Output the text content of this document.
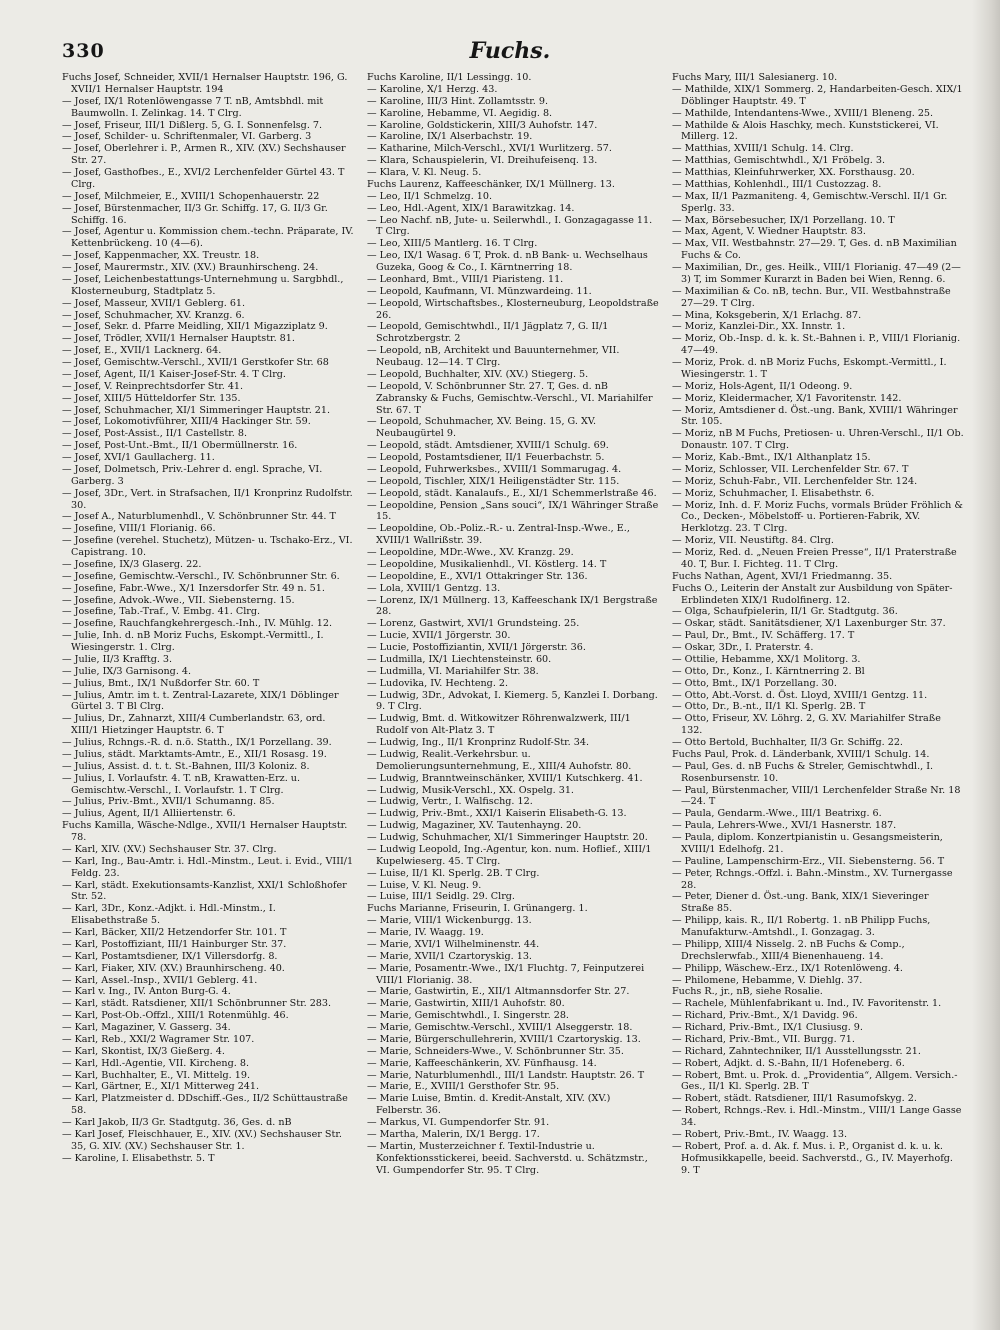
330	Fuchs.
Fuchs Josef, Schneider, XVII/1 Hernalser Hauptstr. 196, G. XVII/1 Hernalser Hauptstr. 194
— Josef, IX/1 Rotenlöwengasse 7 T. nB, Amtsbhdl. mit Baumwolln. I. Zelinkag. 14. T Clrg.
— Josef, Friseur, III/1 Dißlerg. 5, G. I. Sonnenfelsg. 7.
— Josef, Schilder- u. Schriftenmaler, VI. Garberg. 3
— Josef, Oberlehrer i. P., Armen R., XIV. (XV.) Sechshauser Str. 27.
— Josef, Gasthofbes., E., XVI/2 Lerchenfelder Gürtel 43. T Clrg.
— Josef, Milchmeier, E., XVIII/1 Schopenhauerstr. 22
— Josef, Bürstenmacher, II/3 Gr. Schiffg. 17, G. II/3 Gr. Schiffg. 16.
— Josef, Agentur u. Kommission chem.-techn. Präparate, IV. Kettenbrückeng. 10 (4—6).
— Josef, Kappenmacher, XX. Treustr. 18.
— Josef, Maurermstr., XIV. (XV.) Braunhirscheng. 24.
— Josef, Leichenbestattungs-Unternehmung u. Sargbhdl., Klosterneuburg, Stadtplatz 5.
— Josef, Masseur, XVII/1 Geblerg. 61.
— Josef, Schuhmacher, XV. Kranzg. 6.
— Josef, Sekr. d. Pfarre Meidling, XII/1 Migazziplatz 9.
— Josef, Trödler, XVII/1 Hernalser Hauptstr. 81.
— Josef, E., XVII/1 Lacknerg. 64.
— Josef, Gemischtw.-Verschl., XVII/1 Gerstkofer Str. 68
— Josef, Agent, II/1 Kaiser-Josef-Str. 4. T Clrg.
— Josef, V. Reinprechtsdorfer Str. 41.
— Josef, XIII/5 Hütteldorfer Str. 135.
— Josef, Schuhmacher, XI/1 Simmeringer Hauptstr. 21.
— Josef, Lokomotivführer, XIII/4 Hackinger Str. 59.
— Josef, Post-Assist., II/1 Castellstr. 8.
— Josef, Post-Unt.-Bmt., II/1 Obermüllnerstr. 16.
— Josef, XVI/1 Gaullacherg. 11.
— Josef, Dolmetsch, Priv.-Lehrer d. engl. Sprache, VI. Garberg. 3
— Josef, 3Dr., Vert. in Strafsachen, II/1 Kronprinz Rudolfstr. 30.
— Josef A., Naturblumenhdl., V. Schönbrunner Str. 44. T
— Josefine, VIII/1 Florianig. 66.
— Josefine (verehel. Stuchetz), Mützen- u. Tschako-Erz., VI. Capistrang. 10.
— Josefine, IX/3 Glaserg. 22.
— Josefine, Gemischtw.-Verschl., IV. Schönbrunner Str. 6.
— Josefine, Fabr.-Wwe., X/1 Inzersdorfer Str. 49 n. 51.
— Josefine, Advok.-Wwe., VII. Siebensterng. 15.
— Josefine, Tab.-Traf., V. Embg. 41. Clrg.
— Josefine, Rauchfangkehrergesch.-Inh., IV. Mühlg. 12.
— Julie, Inh. d. nB Moriz Fuchs, Eskompt.-Vermittl., I. Wiesingerstr. 1. Clrg.
— Julie, II/3 Krafftg. 3.
— Julie, IX/3 Garnisong. 4.
— Julius, Bmt., IX/1 Nußdorfer Str. 60. T
— Julius, Amtr. im t. t. Zentral-Lazarete, XIX/1 Döblinger Gürtel 3. T Bl Clrg.
— Julius, Dr., Zahnarzt, XIII/4 Cumberlandstr. 63, ord. XIII/1 Hietzinger Hauptstr. 6. T
— Julius, Rchngs.-R. d. n.ö. Statth., IX/1 Porzellang. 39.
— Julius, städt. Marktamts-Amtr., E., XII/1 Rosasg. 19.
— Julius, Assist. d. t. t. St.-Bahnen, III/3 Koloniz. 8.
— Julius, I. Vorlaufstr. 4. T. nB, Krawatten-Erz. u. Gemischtw.-Verschl., I. Vorlaufstr. 1. T Clrg.
— Julius, Priv.-Bmt., XVII/1 Schumanng. 85.
— Julius, Agent, II/1 Alliiertenstr. 6.
Fuchs Kamilla, Wäsche-Ndlge., XVII/1 Hernalser Hauptstr. 78.
— Karl, XIV. (XV.) Sechshauser Str. 37. Clrg.
— Karl, Ing., Bau-Amtr. i. Hdl.-Minstm., Leut. i. Evid., VIII/1 Feldg. 23.
— Karl, städt. Exekutionsamts-Kanzlist, XXI/1 Schloßhofer Str. 52.
— Karl, 3Dr., Konz.-Adjkt. i. Hdl.-Minstm., I. Elisabethstraße 5.
— Karl, Bäcker, XII/2 Hetzendorfer Str. 101. T
— Karl, Postoffiziant, III/1 Hainburger Str. 37.
— Karl, Postamtsdiener, IX/1 Villersdorfg. 8.
— Karl, Fiaker, XIV. (XV.) Braunhirscheng. 40.
— Karl, Assel.-Insp., XVII/1 Geblerg. 41.
— Karl v. Ing., IV. Anton Burg-G. 4.
— Karl, städt. Ratsdiener, XII/1 Schönbrunner Str. 283.
— Karl, Post-Ob.-Offzl., XIII/1 Rotenmühlg. 46.
— Karl, Magaziner, V. Gasserg. 34.
— Karl, Reb., XXI/2 Wagramer Str. 107.
— Karl, Skontist, IX/3 Gießerg. 4.
— Karl, Hdl.-Agentie, VII. Kircheng. 8.
— Karl, Buchhalter, E., VI. Mittelg. 19.
— Karl, Gärtner, E., XI/1 Mitterweg 241.
— Karl, Platzmeister d. DDschiff.-Ges., II/2 Schüttaustraße 58.
— Karl Jakob, II/3 Gr. Stadtgutg. 36, Ges. d. nB
— Karl Josef, Fleischhauer, E., XIV. (XV.) Sechshauser Str. 35, G. XIV. (XV.) Sechshauser Str. 1.
— Karoline, I. Elisabethstr. 5. T
Fuchs Karoline, II/1 Lessingg. 10.
— Karoline, X/1 Herzg. 43.
— Karoline, III/3 Hint. Zollamtsstr. 9.
— Karoline, Hebamme, VI. Aegidig. 8.
— Karoline, Goldstickerin, XIII/3 Auhofstr. 147.
— Karoline, IX/1 Alserbachstr. 19.
— Katharine, Milch-Verschl., XVI/1 Wurlitzerg. 57.
— Klara, Schauspielerin, VI. Dreihufeisenq. 13.
— Klara, V. Kl. Neug. 5.
Fuchs Laurenz, Kaffeeschänker, IX/1 Müllnerg. 13.
— Leo, II/1 Schmelzg. 10.
— Leo, Hdl.-Agent, XIX/1 Barawitzkag. 14.
— Leo Nachf. nB, Jute- u. Seilerwhdl., I. Gonzagagasse 11. T Clrg.
— Leo, XIII/5 Mantlerg. 16. T Clrg.
— Leo, IX/1 Wasag. 6 T, Prok. d. nB Bank- u. Wechselhaus Guzeka, Goog & Co., I. Kärntnerring 18.
— Leonhard, Bmt., VIII/1 Piaristeng. 11.
— Leopold, Kaufmann, VI. Münzwardeing. 11.
— Leopold, Wirtschaftsbes., Klosterneuburg, Leopoldstraße 26.
— Leopold, Gemischtwhdl., II/1 Jägplatz 7, G. II/1 Schrotzbergstr. 2
— Leopold, nB, Architekt und Bauunternehmer, VII. Neubaug. 12—14. T Clrg.
— Leopold, Buchhalter, XIV. (XV.) Stiegerg. 5.
— Leopold, V. Schönbrunner Str. 27. T, Ges. d. nB Zabransky & Fuchs, Gemischtw.-Verschl., VI. Mariahilfer Str. 67. T
— Leopold, Schuhmacher, XV. Being. 15, G. XV. Neubaugürtel 9.
— Leopold, städt. Amtsdiener, XVIII/1 Schulg. 69.
— Leopold, Postamtsdiener, II/1 Feuerbachstr. 5.
— Leopold, Fuhrwerksbes., XVIII/1 Sommarugag. 4.
— Leopold, Tischler, XIX/1 Heiligenstädter Str. 115.
— Leopold, städt. Kanalaufs., E., XI/1 Schemmerlstraße 46.
— Leopoldine, Pension „Sans souci“, IX/1 Währinger Straße 15.
— Leopoldine, Ob.-Poliz.-R.- u. Zentral-Insp.-Wwe., E., XVIII/1 Wallrißstr. 39.
— Leopoldine, MDr.-Wwe., XV. Kranzg. 29.
— Leopoldine, Musikalienhdl., VI. Köstlerg. 14. T
— Leopoldine, E., XVI/1 Ottakringer Str. 136.
— Lola, XVIII/1 Gentzg. 13.
— Lorenz, IX/1 Müllnerg. 13, Kaffeeschank IX/1 Bergstraße 28.
— Lorenz, Gastwirt, XVI/1 Grundsteing. 25.
— Lucie, XVII/1 Jörgerstr. 30.
— Lucie, Postoffiziantin, XVII/1 Jörgerstr. 36.
— Ludmilla, IX/1 Liechtensteinstr. 60.
— Ludmilla, VI. Mariahilfer Str. 38.
— Ludovika, IV. Hechteng. 2.
— Ludwig, 3Dr., Advokat, I. Kiemerg. 5, Kanzlei I. Dorbang. 9. T Clrg.
— Ludwig, Bmt. d. Witkowitzer Röhrenwalzwerk, III/1 Rudolf von Alt-Platz 3. T
— Ludwig, Ing., II/1 Kronprinz Rudolf-Str. 34.
— Ludwig, Realit.-Verkehrsbur. u. Demolierungsunternehmung, E., XIII/4 Auhofstr. 80.
— Ludwig, Branntweinschänker, XVIII/1 Kutschkerg. 41.
— Ludwig, Musik-Verschl., XX. Ospelg. 31.
— Ludwig, Vertr., I. Walfischg. 12.
— Ludwig, Priv.-Bmt., XXI/1 Kaiserin Elisabeth-G. 13.
— Ludwig, Magaziner, XV. Tautenhayng. 20.
— Ludwig, Schuhmacher, XI/1 Simmeringer Hauptstr. 20.
— Ludwig Leopold, Ing.-Agentur, kon. num. Hoflief., XIII/1 Kupelwieserg. 45. T Clrg.
— Luise, II/1 Kl. Sperlg. 2B. T Clrg.
— Luise, V. Kl. Neug. 9.
— Luise, III/1 Seidlg. 29. Clrg.
Fuchs Marianne, Friseurin, I. Grünangerg. 1.
— Marie, VIII/1 Wickenburgg. 13.
— Marie, IV. Waagg. 19.
— Marie, XVI/1 Wilhelminenstr. 44.
— Marie, XVII/1 Czartoryskig. 13.
— Marie, Posamentr.-Wwe., IX/1 Fluchtg. 7, Feinputzerei VIII/1 Florianig. 38.
— Marie, Gastwirtin, E., XII/1 Altmannsdorfer Str. 27.
— Marie, Gastwirtin, XIII/1 Auhofstr. 80.
— Marie, Gemischtwhdl., I. Singerstr. 28.
— Marie, Gemischtw.-Verschl., XVIII/1 Alseggerstr. 18.
— Marie, Bürgerschullehrerin, XVIII/1 Czartoryskig. 13.
— Marie, Schneiders-Wwe., V. Schönbrunner Str. 35.
— Marie, Kaffeeschänkerin, XV. Fünfhausg. 14.
— Marie, Naturblumenhdl., III/1 Landstr. Hauptstr. 26. T
— Marie, E., XVIII/1 Gersthofer Str. 95.
— Marie Luise, Bmtin. d. Kredit-Anstalt, XIV. (XV.) Felberstr. 36.
— Markus, VI. Gumpendorfer Str. 91.
— Martha, Malerin, IX/1 Bergg. 17.
— Martin, Musterzeichner f. Textil-Industrie u. Konfektionsstickerei, beeid. Sachverstd. u. Schätzmstr., VI. Gumpendorfer Str. 95. T Clrg.
Fuchs Mary, III/1 Salesianerg. 10.
— Mathilde, XIX/1 Sommerg. 2, Handarbeiten-Gesch. XIX/1 Döblinger Hauptstr. 49. T
— Mathilde, Intendantens-Wwe., XVIII/1 Bleneng. 25.
— Mathilde & Alois Haschky, mech. Kunststickerei, VI. Millerg. 12.
— Matthias, XVIII/1 Schulg. 14. Clrg.
— Matthias, Gemischtwhdl., X/1 Fröbelg. 3.
— Matthias, Kleinfuhrwerker, XX. Forsthausg. 20.
— Matthias, Kohlenhdl., III/1 Custozzag. 8.
— Max, II/1 Pazmaniteng. 4, Gemischtw.-Verschl. II/1 Gr. Sperlg. 33.
— Max, Börsebesucher, IX/1 Porzellang. 10. T
— Max, Agent, V. Wiedner Hauptstr. 83.
— Max, VII. Westbahnstr. 27—29. T, Ges. d. nB Maximilian Fuchs & Co.
— Maximilian, Dr., ges. Heilk., VIII/1 Florianig. 47—49 (2—3) T, im Sommer Kurarzt in Baden bei Wien, Renng. 6.
— Maximilian & Co. nB, techn. Bur., VII. Westbahnstraße 27—29. T Clrg.
— Mina, Koksgeberin, X/1 Erlachg. 87.
— Moriz, Kanzlei-Dir., XX. Innstr. 1.
— Moriz, Ob.-Insp. d. k. k. St.-Bahnen i. P., VIII/1 Florianig. 47—49.
— Moriz, Prok. d. nB Moriz Fuchs, Eskompt.-Vermittl., I. Wiesingerstr. 1. T
— Moriz, Hols-Agent, II/1 Odeong. 9.
— Moriz, Kleidermacher, X/1 Favoritenstr. 142.
— Moriz, Amtsdiener d. Öst.-ung. Bank, XVIII/1 Währinger Str. 105.
— Moriz, nB M Fuchs, Pretiosen- u. Uhren-Verschl., II/1 Ob. Donaustr. 107. T Clrg.
— Moriz, Kab.-Bmt., IX/1 Althanplatz 15.
— Moriz, Schlosser, VII. Lerchenfelder Str. 67. T
— Moriz, Schuh-Fabr., VII. Lerchenfelder Str. 124.
— Moriz, Schuhmacher, I. Elisabethstr. 6.
— Moriz, Inh. d. F. Moriz Fuchs, vormals Brüder Fröhlich & Co., Decken-, Möbelstoff- u. Portieren-Fabrik, XV. Herklotzg. 23. T Clrg.
— Moriz, VII. Neustiftg. 84. Clrg.
— Moriz, Red. d. „Neuen Freien Presse“, II/1 Praterstraße 40. T, Bur. I. Fichteg. 11. T Clrg.
Fuchs Nathan, Agent, XVI/1 Friedmanng. 35.
Fuchs O., Leiterin der Anstalt zur Ausbildung von Später-Erblindeten XIX/1 Rudolfinerg. 12.
— Olga, Schaufpielerin, II/1 Gr. Stadtgutg. 36.
— Oskar, städt. Sanitätsdiener, X/1 Laxenburger Str. 37.
— Paul, Dr., Bmt., IV. Schäfferg. 17. T
— Oskar, 3Dr., I. Praterstr. 4.
— Ottilie, Hebamme, XX/1 Molitorg. 3.
— Otto, Dr., Konz., I. Kärntnerring 2. Bl
— Otto, Bmt., IX/1 Porzellang. 30.
— Otto, Abt.-Vorst. d. Öst. Lloyd, XVIII/1 Gentzg. 11.
— Otto, Dr., B.-nt., II/1 Kl. Sperlg. 2B. T
— Otto, Friseur, XV. Löhrg. 2, G. XV. Mariahilfer Straße 132.
— Otto Bertold, Buchhalter, II/3 Gr. Schiffg. 22.
Fuchs Paul, Prok. d. Länderbank, XVIII/1 Schulg. 14.
— Paul, Ges. d. nB Fuchs & Streler, Gemischtwhdl., I. Rosenbursenstr. 10.
— Paul, Bürstenmacher, VIII/1 Lerchenfelder Straße Nr. 18—24. T
— Paula, Gendarm.-Wwe., III/1 Beatrixg. 6.
— Paula, Lehrers-Wwe., XVI/1 Hasnerstr. 187.
— Paula, diplom. Konzertpianistin u. Gesangsmeisterin, XVIII/1 Edelhofg. 21.
— Pauline, Lampenschirm-Erz., VII. Siebensterng. 56. T
— Peter, Rchngs.-Offzl. i. Bahn.-Minstm., XV. Turnergasse 28.
— Peter, Diener d. Öst.-ung. Bank, XIX/1 Sieveringer Straße 85.
— Philipp, kais. R., II/1 Robertg. 1. nB Philipp Fuchs, Manufakturw.-Amtshdl., I. Gonzagag. 3.
— Philipp, XIII/4 Nisselg. 2. nB Fuchs & Comp., Drechslerwfab., XIII/4 Bienenhaueng. 14.
— Philipp, Wäschew.-Erz., IX/1 Rotenlöweng. 4.
— Philomene, Hebamme, V. Diehlg. 37.
Fuchs R., jr., nB, siehe Rosalie.
— Rachele, Mühlenfabrikant u. Ind., IV. Favoritenstr. 1.
— Richard, Priv.-Bmt., X/1 Davidg. 96.
— Richard, Priv.-Bmt., IX/1 Clusiusg. 9.
— Richard, Priv.-Bmt., VII. Burgg. 71.
— Richard, Zahntechniker, II/1 Ausstellungsstr. 21.
— Robert, Adjkt. d. S.-Bahn, II/1 Hofeneberg. 6.
— Robert, Bmt. u. Prok. d. „Providentia“, Allgem. Versich.-Ges., II/1 Kl. Sperlg. 2B. T
— Robert, städt. Ratsdiener, III/1 Rasumofskyg. 2.
— Robert, Rchngs.-Rev. i. Hdl.-Minstm., VIII/1 Lange Gasse 34.
— Robert, Priv.-Bmt., IV. Waagg. 13.
— Robert, Prof. a. d. Ak. f. Mus. i. P., Organist d. k. u. k. Hofmusikkapelle, beeid. Sachverstd., G., IV. Mayerhofg. 9. T
